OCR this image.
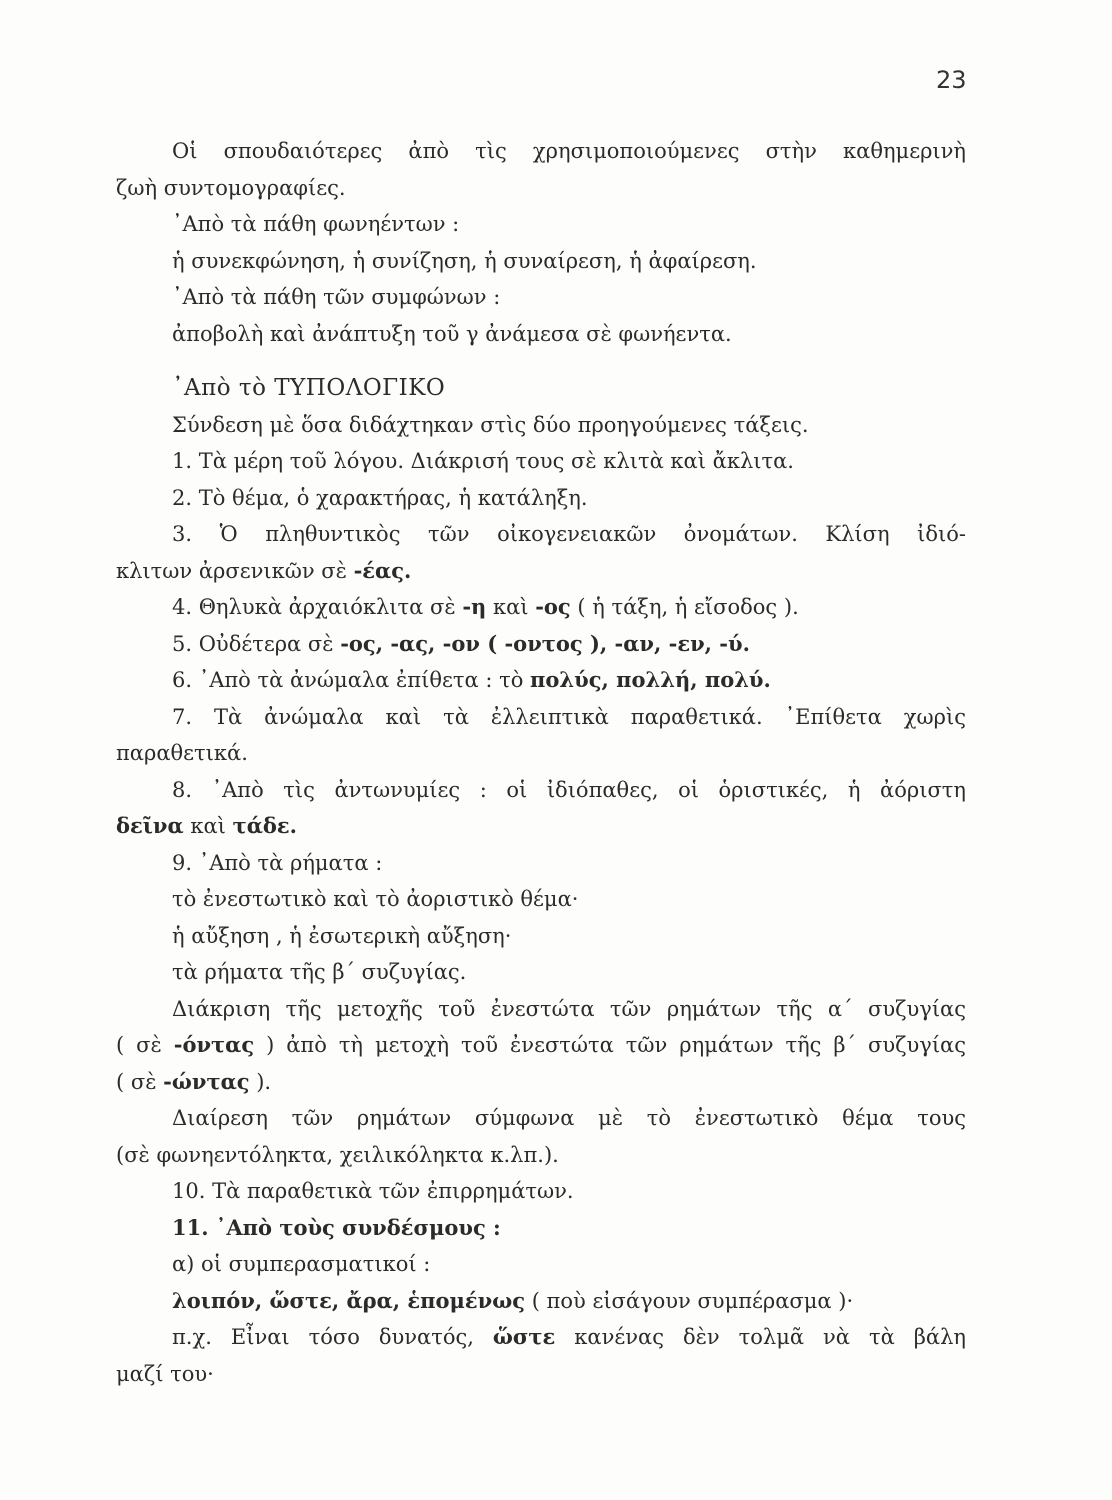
23
Οἱ σπουδαιότερες ἀπὸ τὶς χρησιμοποιούμενες στὴν καθημερινὴ
ζωὴ συντομογραφίες.
᾿Απὸ τὰ πάθη φωνηέντων :
ἡ συνεκφώνηση, ἡ συνίζηση, ἡ συναίρεση, ἡ ἀφαίρεση.
᾿Απὸ τὰ πάθη τῶν συμφώνων :
ἀποβολὴ καὶ ἀνάπτυξη τοῦ γ ἀνάμεσα σὲ φωνήεντα.
᾿Απὸ τὸ ΤΥΠΟΛΟΓΙΚΟ
Σύνδεση μὲ ὅσα διδάχτηκαν στὶς δύο προηγούμενες τάξεις.
1. Τὰ μέρη τοῦ λόγου. Διάκρισή τους σὲ κλιτὰ καὶ ἄκλιτα.
2. Τὸ θέμα, ὁ χαρακτήρας, ἡ κατάληξη.
3. Ὁ πληθυντικὸς τῶν οἰκογενειακῶν ὀνομάτων. Κλίση ἰδιό-
κλιτων ἀρσενικῶν σὲ -έας.
4. Θηλυκὰ ἀρχαιόκλιτα σὲ -η καὶ -ος ( ἡ τάξη, ἡ εἴσοδος ).
5. Οὐδέτερα σὲ -ος, -ας, -ον ( -οντος ), -αν, -εν, -ύ.
6. ᾿Απὸ τὰ ἀνώμαλα ἐπίθετα : τὸ πολύς, πολλή, πολύ.
7. Τὰ ἀνώμαλα καὶ τὰ ἐλλειπτικὰ παραθετικά. ᾿Επίθετα χωρὶς
παραθετικά.
8. ᾿Απὸ τὶς ἀντωνυμίες : οἱ ἰδιόπαθες, οἱ ὁριστικές, ἡ ἀόριστη
δεῖνα καὶ τάδε.
9. ᾿Απὸ τὰ ρήματα :
τὸ ἐνεστωτικὸ καὶ τὸ ἀοριστικὸ θέμα·
ἡ αὔξηση , ἡ ἐσωτερικὴ αὔξηση·
τὰ ρήματα τῆς β΄ συζυγίας.
Διάκριση τῆς μετοχῆς τοῦ ἐνεστώτα τῶν ρημάτων τῆς α΄ συζυγίας
( σὲ -όντας ) ἀπὸ τὴ μετοχὴ τοῦ ἐνεστώτα τῶν ρημάτων τῆς β΄ συζυγίας
( σὲ -ώντας ).
Διαίρεση τῶν ρημάτων σύμφωνα μὲ τὸ ἐνεστωτικὸ θέμα τους
(σὲ φωνηεντόληκτα, χειλικόληκτα κ.λπ.).
10. Τὰ παραθετικὰ τῶν ἐπιρρημάτων.
11. ᾿Απὸ τοὺς συνδέσμους :
α) οἱ συμπερασματικοί :
λοιπόν, ὥστε, ἄρα, ἑπομένως ( ποὺ εἰσάγουν συμπέρασμα )·
π.χ. Εἶναι τόσο δυνατός, ὥστε κανένας δὲν τολμᾶ νὰ τὰ βάλη
μαζί του·
